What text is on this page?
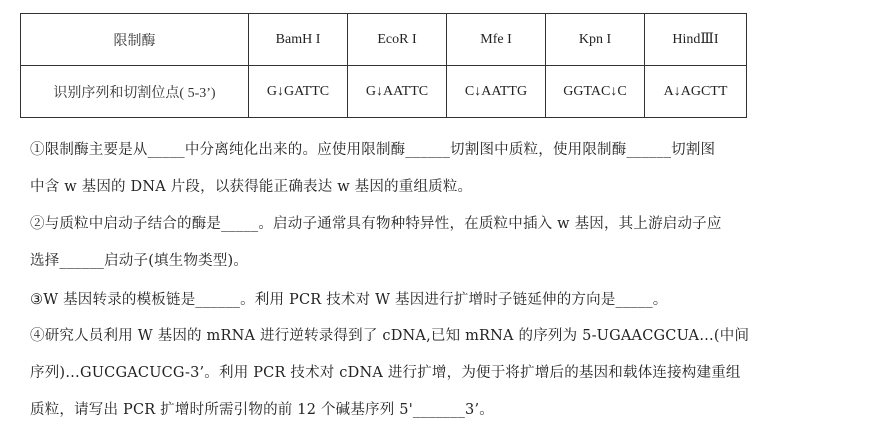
限制酶	BamH I	EcoR I	Mfe I	Kpn I	HindⅢI
识别序列和切割位点( 5-3’)	G↓GATTC	G↓AATTC	C↓AATTG	GGTAC↓C	A↓AGCTT
①限制酶主要是从_____中分离纯化出来的。应使用限制酶______切割图中质粒，使用限制酶______切割图
中含 w 基因的 DNA 片段，以获得能正确表达 w 基因的重组质粒。
②与质粒中启动子结合的酶是_____。启动子通常具有物种特异性，在质粒中插入 w 基因，其上游启动子应
选择______启动子(填生物类型)。
③W 基因转录的模板链是______。利用 PCR 技术对 W 基因进行扩增时子链延伸的方向是_____。
④研究人员利用 W 基因的 mRNA 进行逆转录得到了 cDNA,已知 mRNA 的序列为 5-UGAACGCUA…(中间
序列)…GUCGACUCG-3’。利用 PCR 技术对 cDNA 进行扩增，为便于将扩增后的基因和载体连接构建重组
质粒，请写出 PCR 扩增时所需引物的前 12 个碱基序列 5'_______3’。
